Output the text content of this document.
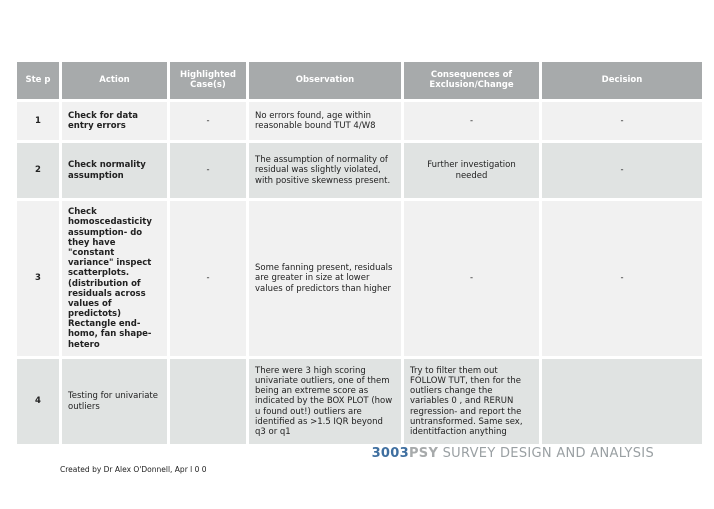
Ste p	Action	Highlighted Case(s)	Observation	Consequences of Exclusion/Change	Decision
1	Check for data entry errors	-	No errors found, age within reasonable bound TUT 4/W8	-	-
2	Check normality assumption	-	The assumption of normality of residual was slightly violated, with positive skewness present.	Further investigation needed	-
3	Check homoscedasticity assumption- do they have "constant variance" inspect scatterplots. (distribution of residuals across values of predictots) Rectangle end- homo, fan shape- hetero	-	Some fanning present, residuals are greater in size at lower values of predictors than higher	-	-
4	Testing for univariate outliers		There were 3 high scoring univariate outliers, one of them being an extreme score as indicated by the BOX PLOT (how u found out!) outliers are identified as >1.5 IQR beyond q3 or q1	Try to filter them out FOLLOW TUT, then for the outliers change the variables 0 , and RERUN regression- and report the untransformed. Same sex, identitfaction anything	
3003PSY SURVEY DESIGN AND ANALYSIS
Created by Dr Alex O'Donnell, Apr l 0 0
